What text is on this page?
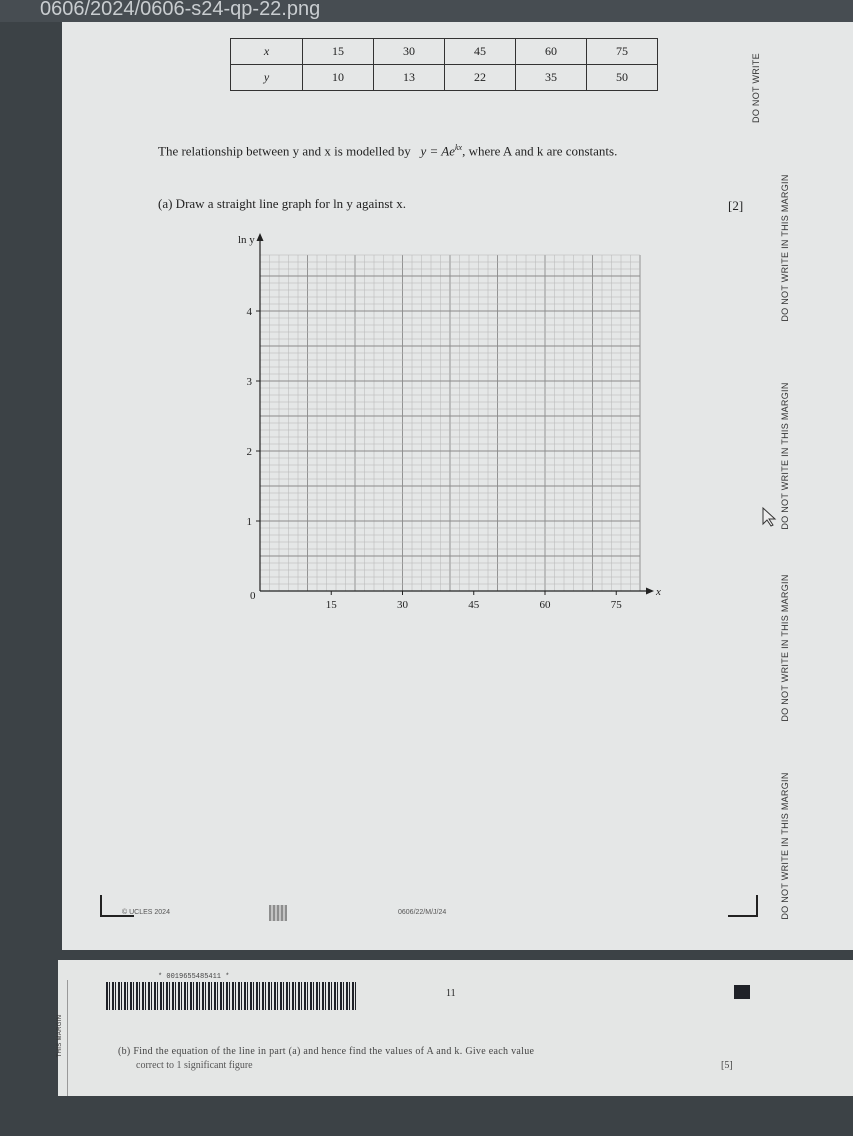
0606/2024/0606-s24-qp-22.png
x	15	30	45	60	75
y	10	13	22	35	50
The relationship between y and x is modelled by $y = Ae^{kx}$, where A and k are constants.
(a) Draw a straight line graph for ln y against x.	[2]
ln y
x
0
15	30	45	60	75
1
2
3
4
DO NOT WRITE
DO NOT WRITE IN THIS MARGIN
DO NOT WRITE IN THIS MARGIN
DO NOT WRITE IN THIS MARGIN
DO NOT WRITE IN THIS MARGIN
© UCLES 2024	0606/22/M/J/24
* 0019655485411 *
11
(b) Find the equation of the line in part (a) and hence find the values of A and k. Give each value
correct to 1 significant figure	[5]
THIS MARGIN
